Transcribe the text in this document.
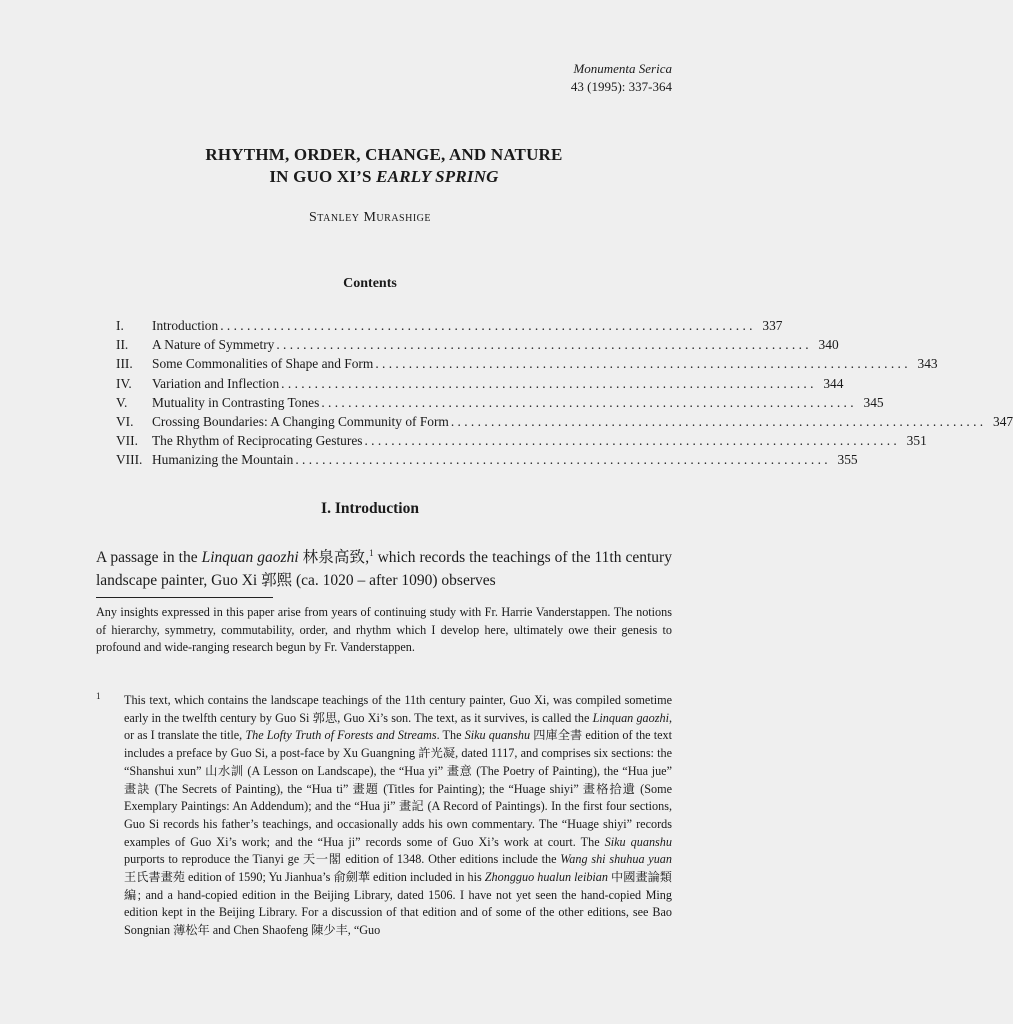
Monumenta Serica
43 (1995): 337-364
RHYTHM, ORDER, CHANGE, AND NATURE
IN GUO XI’S EARLY SPRING
Stanley Murashige
Contents
I.	Introduction . . . . . . . . . . . . . . . . . . . . . . . . . . . . . . . . . . . . . . . . . . . . . . . . . . . . . . . . . . . . . . . . . . . . . . . . . . . . . . . . 337
II.	A Nature of Symmetry . . . . . . . . . . . . . . . . . . . . . . . . . . . . . . . . . . . . . . . . . . . . . . . . . . . . . . . . . . . . . . . . . . . . . . . . . . . . . . . . 340
III.	Some Commonalities of Shape and Form . . . . . . . . . . . . . . . . . . . . . . . . . . . . . . . . . . . . . . . . . . . . . . . . . . . . . . . . . . . . . . . . . . . . . . . . . . . . . . . . 343
IV.	Variation and Inflection . . . . . . . . . . . . . . . . . . . . . . . . . . . . . . . . . . . . . . . . . . . . . . . . . . . . . . . . . . . . . . . . . . . . . . . . . . . . . . . . 344
V.	Mutuality in Contrasting Tones . . . . . . . . . . . . . . . . . . . . . . . . . . . . . . . . . . . . . . . . . . . . . . . . . . . . . . . . . . . . . . . . . . . . . . . . . . . . . . . . 345
VI.	Crossing Boundaries: A Changing Community of Form . . . . . . . . . . . . . . . . . . . . . . . . . . . . . . . . . . . . . . . . . . . . . . . . . . . . . . . . . . . . . . . . . . . . . . . . . . . . . . . . 347
VII.	The Rhythm of Reciprocating Gestures . . . . . . . . . . . . . . . . . . . . . . . . . . . . . . . . . . . . . . . . . . . . . . . . . . . . . . . . . . . . . . . . . . . . . . . . . . . . . . . . 351
VIII. Humanizing the Mountain . . . . . . . . . . . . . . . . . . . . . . . . . . . . . . . . . . . . . . . . . . . . . . . . . . . . . . . . . . . . . . . . . . . . . . . . . . . . . . . . 355
I. Introduction
A passage in the Linquan gaozhi 林泉高致,$^1$ which records the teachings of the 11th century landscape painter, Guo Xi 郭熙 (ca. 1020 – after 1090) observes
Any insights expressed in this paper arise from years of continuing study with Fr. Harrie Vanderstappen. The notions of hierarchy, symmetry, commutability, order, and rhythm which I develop here, ultimately owe their genesis to profound and wide-ranging research begun by Fr. Vanderstappen.
1 This text, which contains the landscape teachings of the 11th century painter, Guo Xi, was compiled sometime early in the twelfth century by Guo Si 郭思, Guo Xi’s son. The text, as it survives, is called the Linquan gaozhi, or as I translate the title, The Lofty Truth of Forests and Streams. The Siku quanshu 四庫全書 edition of the text includes a preface by Guo Si, a post-face by Xu Guangning 許光凝, dated 1117, and comprises six sections: the “Shanshui xun” 山水訓 (A Lesson on Landscape), the “Hua yi” 畫意 (The Poetry of Painting), the “Hua jue” 畫訣 (The Secrets of Painting), the “Hua ti” 畫題 (Titles for Painting); the “Huage shiyi” 畫格拾遺 (Some Exemplary Paintings: An Addendum); and the “Hua ji” 畫記 (A Record of Paintings). In the first four sections, Guo Si records his father’s teachings, and occasionally adds his own commentary. The “Huage shiyi” records examples of Guo Xi’s work; and the “Hua ji” records some of Guo Xi’s work at court. The Siku quanshu purports to reproduce the Tianyi ge 天一閣 edition of 1348. Other editions include the Wang shi shuhua yuan 王氏書畫苑 edition of 1590; Yu Jianhua’s 俞劍華 edition included in his Zhongguo hualun leibian 中國畫論類編; and a hand-copied edition in the Beijing Library, dated 1506. I have not yet seen the hand-copied Ming edition kept in the Beijing Library. For a discussion of that edition and of some of the other editions, see Bao Songnian 薄松年 and Chen Shaofeng 陳少丰, “Guo
